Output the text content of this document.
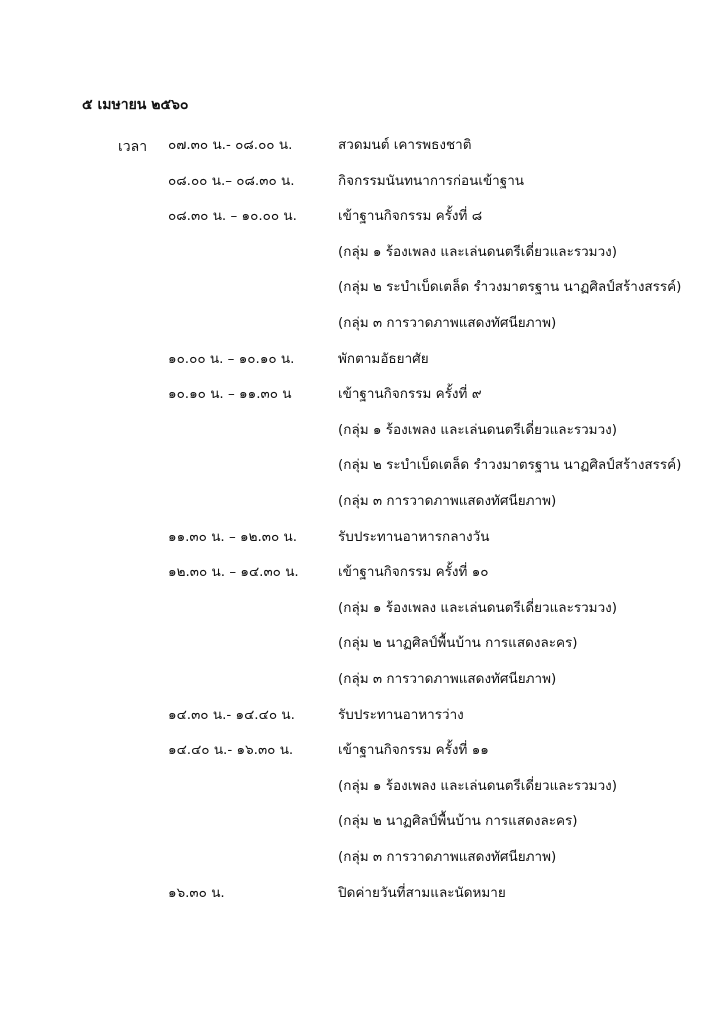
๕ เมษายน ๒๕๖๐
เวลา ๐๗.๓๐ น.- ๐๘.๐๐ น.	สวดมนต์ เคารพธงชาติ
๐๘.๐๐ น.– ๐๘.๓๐ น.	กิจกรรมนันทนาการก่อนเข้าฐาน
๐๘.๓๐ น. – ๑๐.๐๐ น.	เข้าฐานกิจกรรม ครั้งที่ ๘
(กลุ่ม ๑ ร้องเพลง และเล่นดนตรีเดี่ยวและรวมวง)
(กลุ่ม ๒ ระบำเบ็ดเตล็ด รำวงมาตรฐาน นาฏศิลป์สร้างสรรค์)
(กลุ่ม ๓ การวาดภาพแสดงทัศนียภาพ)
๑๐.๐๐ น. – ๑๐.๑๐ น.	พักตามอัธยาศัย
๑๐.๑๐ น. – ๑๑.๓๐ น	เข้าฐานกิจกรรม ครั้งที่ ๙
(กลุ่ม ๑ ร้องเพลง และเล่นดนตรีเดี่ยวและรวมวง)
(กลุ่ม ๒ ระบำเบ็ดเตล็ด รำวงมาตรฐาน นาฏศิลป์สร้างสรรค์)
(กลุ่ม ๓ การวาดภาพแสดงทัศนียภาพ)
๑๑.๓๐ น. – ๑๒.๓๐ น.	รับประทานอาหารกลางวัน
๑๒.๓๐ น. – ๑๔.๓๐ น.	เข้าฐานกิจกรรม ครั้งที่ ๑๐
(กลุ่ม ๑ ร้องเพลง และเล่นดนตรีเดี่ยวและรวมวง)
(กลุ่ม ๒ นาฏศิลป์พื้นบ้าน การแสดงละคร)
(กลุ่ม ๓ การวาดภาพแสดงทัศนียภาพ)
๑๔.๓๐ น.- ๑๔.๔๐ น.	รับประทานอาหารว่าง
๑๔.๔๐ น.- ๑๖.๓๐ น.	เข้าฐานกิจกรรม ครั้งที่ ๑๑
(กลุ่ม ๑ ร้องเพลง และเล่นดนตรีเดี่ยวและรวมวง)
(กลุ่ม ๒ นาฏศิลป์พื้นบ้าน การแสดงละคร)
(กลุ่ม ๓ การวาดภาพแสดงทัศนียภาพ)
๑๖.๓๐ น.	ปิดค่ายวันที่สามและนัดหมาย
